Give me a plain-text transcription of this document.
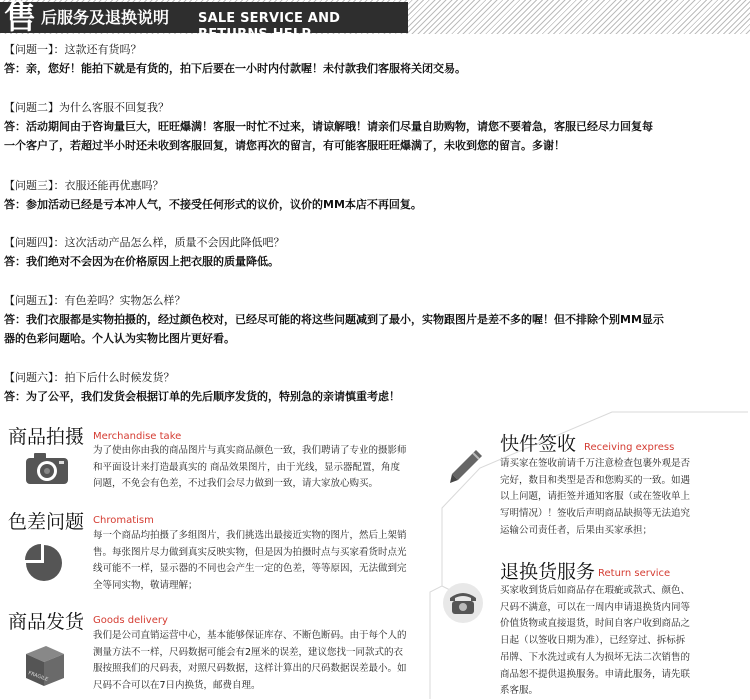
售 后服务及退换说明 SALE SERVICE AND RETURNS HELP

【问题一】：这款还有货吗？

答：亲，您好！能拍下就是有货的，拍下后要在一小时内付款喔！未付款我们客服将关闭交易。

【问题二】为什么客服不回复我？

答：活动期间由于咨询量巨大，旺旺爆满！客服一时忙不过来，请谅解哦！请亲们尽量自助购物，请您不要着急，客服已经尽力回复每

一个客户了，若超过半小时还未收到客服回复，请您再次的留言，有可能客服旺旺爆满了，未收到您的留言。多谢！

【问题三】：衣服还能再优惠吗？

答：参加活动已经是亏本冲人气，不接受任何形式的议价，议价的MM本店不再回复。

【问题四】：这次活动产品怎么样，质量不会因此降低吧？

答：我们绝对不会因为在价格原因上把衣服的质量降低。

【问题五】：有色差吗？实物怎么样？

答：我们衣服都是实物拍摄的，经过颜色校对，已经尽可能的将这些问题减到了最小，实物跟图片是差不多的喔！但不排除个别MM显示

器的色彩问题哈。个人认为实物比图片更好看。

【问题六】：拍下后什么时候发货？

答：为了公平，我们发货会根据订单的先后顺序发货的，特别急的亲请慎重考虑！

商品拍摄 Merchandise take
为了使由你由我的商品图片与真实商品颜色一致，我们聘请了专业的摄影师
和平面设计来打造最真实的 商品效果图片，由于光线，显示器配置，角度
问题，不免会有色差，不过我们会尽力做到一致，请大家放心购买。
色差问题 Chromatism
每一个商品均拍摄了多组图片，我们挑选出最接近实物的图片，然后上架销
售。每张图片尽力做到真实反映实物，但是因为拍摄时点与买家看货时点光
线可能不一样，显示器的不同也会产生一定的色差，等等原因，无法做到完
全等同实物，敬请理解；
商品发货 Goods delivery
FRAGILE
我们是公司直销运营中心，基本能够保证库存、不断色断码。由于每个人的
测量方法不一样，尺码数据可能会有2厘米的误差，建议您找一同款式的衣
服按照我们的尺码表，对照尺码数据，这样计算出的尺码数据误差最小。如
尺码不合可以在7日内换货，邮费自理。
快件签收 Receiving express
请买家在签收前请千万注意检查包裹外观是否
完好，数目和类型是否和您购买的一致。如遇
以上问题，请拒签并通知客服（或在签收单上
写明情况）！签收后声明商品缺损等无法追究
运输公司责任者，后果由买家承担；
退换货服务 Return service
买家收到货后如商品存在瑕疵或款式、颜色、
尺码不满意，可以在一周内申请退换货内同等
价值货物或直接退货，时间自客户收到商品之
日起（以签收日期为准），已经穿过、拆标拆
吊牌、下水洗过或有人为损坏无法二次销售的
商品恕不提供退换服务。申请此服务，请先联
系客服。
